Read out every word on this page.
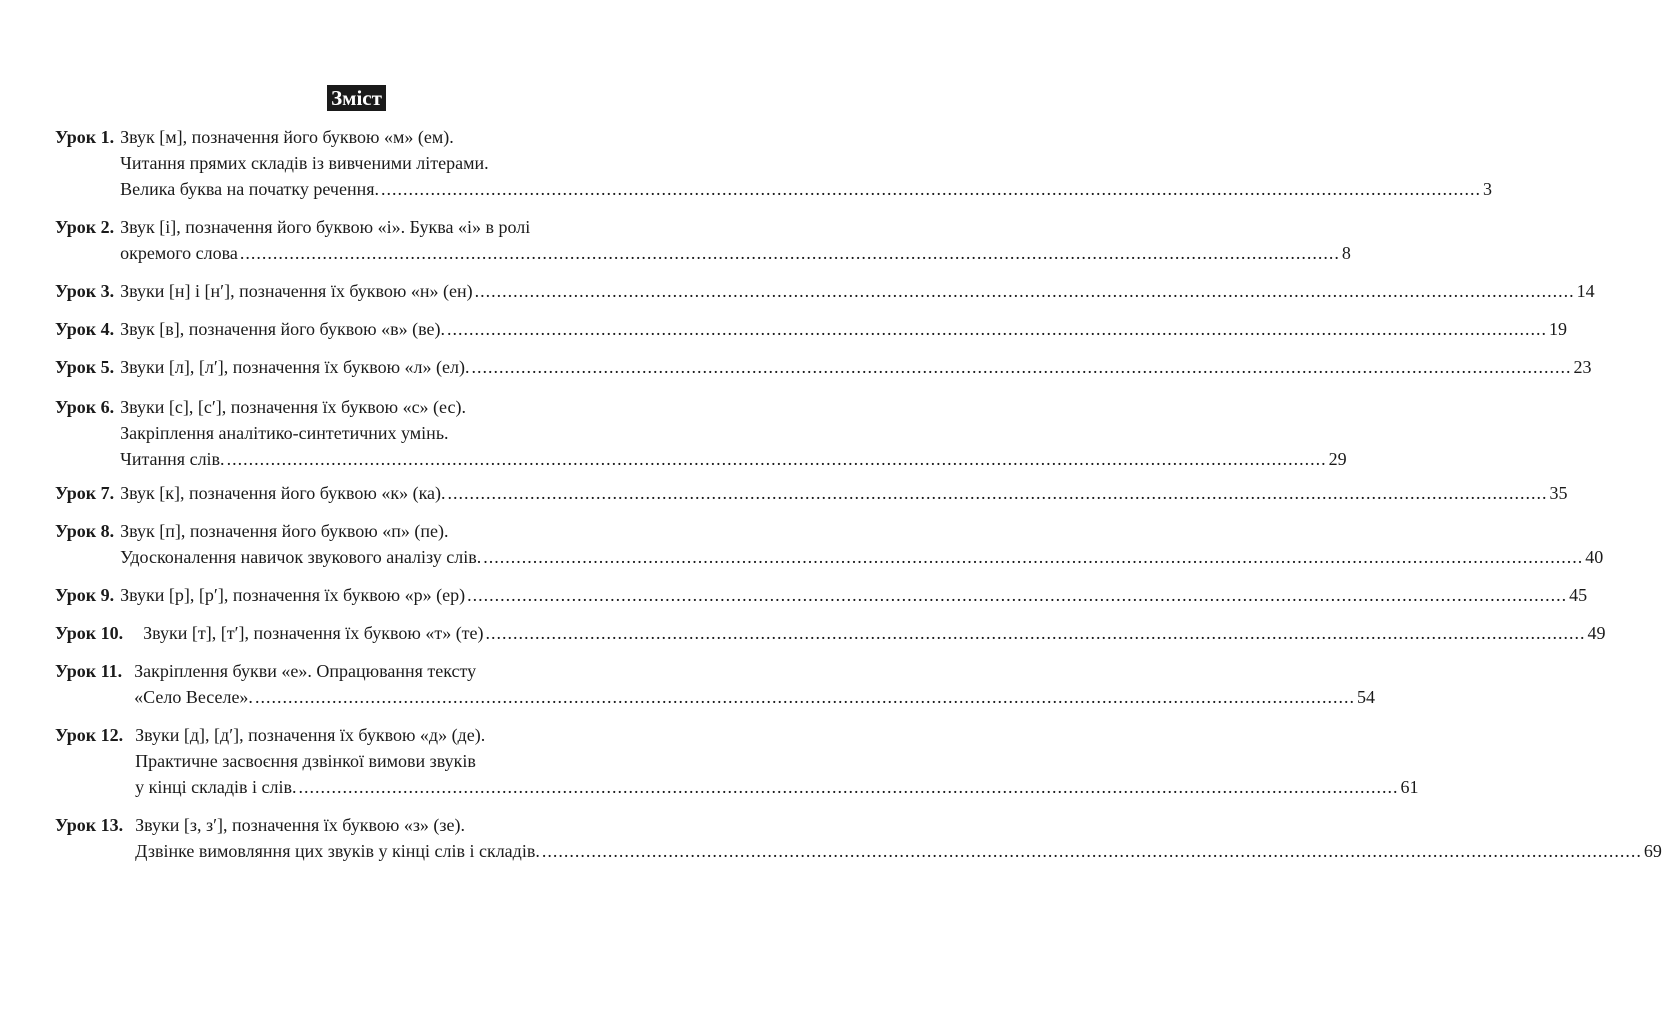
Зміст
Урок 1. Звук [м], позначення його буквою «м» (ем).
Читання прямих складів із вивченими літерами.
Велика буква на початку речення. ........................................................................................................................................................................................................ 3
Урок 2. Звук [і], позначення його буквою «і». Буква «і» в ролі
окремого слова ........................................................................................................................................................................................................ 8
Урок 3. Звуки [н] і [н′], позначення їх буквою «н» (ен) ........................................................................................................................................................................................................ 14
Урок 4. Звук [в], позначення його буквою «в» (ве). ........................................................................................................................................................................................................ 19
Урок 5. Звуки [л], [л′], позначення їх буквою «л» (ел). ........................................................................................................................................................................................................ 23
Урок 6. Звуки [с], [с′], позначення їх буквою «с» (ес).
Закріплення аналітико-синтетичних умінь.
Читання слів. ........................................................................................................................................................................................................ 29
Урок 7. Звук [к], позначення його буквою «к» (ка). ........................................................................................................................................................................................................ 35
Урок 8. Звук [п], позначення його буквою «п» (пе).
Удосконалення навичок звукового аналізу слів. ........................................................................................................................................................................................................ 40
Урок 9. Звуки [р], [р′], позначення їх буквою «р» (ер) ........................................................................................................................................................................................................ 45
Урок 10. Звуки [т], [т′], позначення їх буквою «т» (те) ........................................................................................................................................................................................................ 49
Урок 11. Закріплення букви «е». Опрацювання тексту
«Село Веселе». ........................................................................................................................................................................................................ 54
Урок 12. Звуки [д], [д′], позначення їх буквою «д» (де).
Практичне засвоєння дзвінкої вимови звуків
у кінці складів і слів. ........................................................................................................................................................................................................ 61
Урок 13. Звуки [з, з′], позначення їх буквою «з» (зе).
Дзвінке вимовляння цих звуків у кінці слів і складів. ........................................................................................................................................................................................................ 69
